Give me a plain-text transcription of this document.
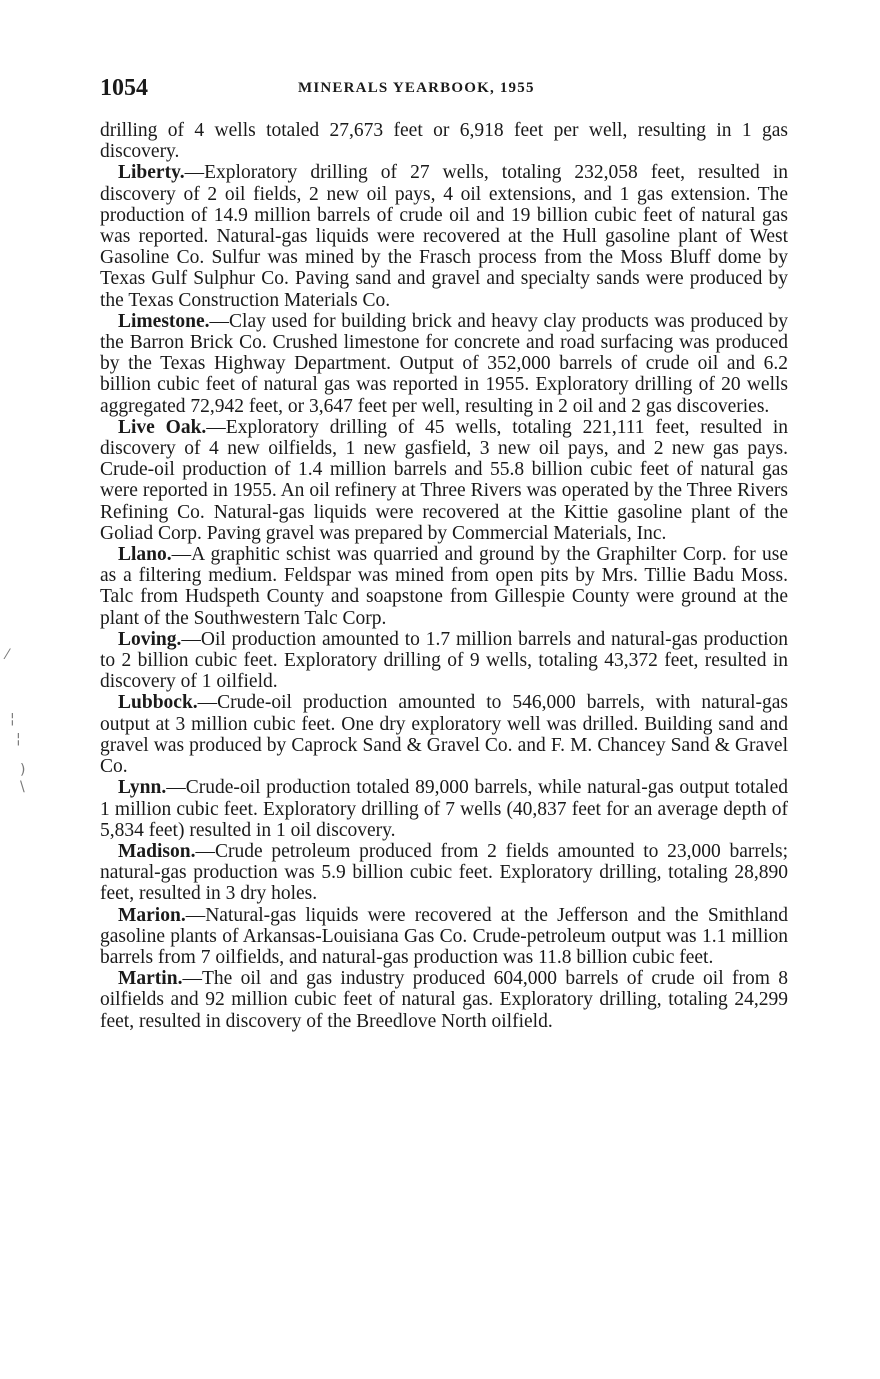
1054	MINERALS YEARBOOK, 1955

drilling of 4 wells totaled 27,673 feet or 6,918 feet per well, resulting in 1 gas discovery.

Liberty.—Exploratory drilling of 27 wells, totaling 232,058 feet, resulted in discovery of 2 oil fields, 2 new oil pays, 4 oil extensions, and 1 gas extension. The production of 14.9 million barrels of crude oil and 19 billion cubic feet of natural gas was reported. Natural-gas liquids were recovered at the Hull gasoline plant of West Gasoline Co. Sulfur was mined by the Frasch process from the Moss Bluff dome by Texas Gulf Sulphur Co. Paving sand and gravel and specialty sands were produced by the Texas Construction Materials Co.

Limestone.—Clay used for building brick and heavy clay products was produced by the Barron Brick Co. Crushed limestone for concrete and road surfacing was produced by the Texas Highway Department. Output of 352,000 barrels of crude oil and 6.2 billion cubic feet of natural gas was reported in 1955. Exploratory drilling of 20 wells aggregated 72,942 feet, or 3,647 feet per well, resulting in 2 oil and 2 gas discoveries.

Live Oak.—Exploratory drilling of 45 wells, totaling 221,111 feet, resulted in discovery of 4 new oilfields, 1 new gasfield, 3 new oil pays, and 2 new gas pays. Crude-oil production of 1.4 million barrels and 55.8 billion cubic feet of natural gas were reported in 1955. An oil refinery at Three Rivers was operated by the Three Rivers Refining Co. Natural-gas liquids were recovered at the Kittie gasoline plant of the Goliad Corp. Paving gravel was prepared by Commercial Materials, Inc.

Llano.—A graphitic schist was quarried and ground by the Graphilter Corp. for use as a filtering medium. Feldspar was mined from open pits by Mrs. Tillie Badu Moss. Talc from Hudspeth County and soapstone from Gillespie County were ground at the plant of the Southwestern Talc Corp.

Loving.—Oil production amounted to 1.7 million barrels and natural-gas production to 2 billion cubic feet. Exploratory drilling of 9 wells, totaling 43,372 feet, resulted in discovery of 1 oilfield.

Lubbock.—Crude-oil production amounted to 546,000 barrels, with natural-gas output at 3 million cubic feet. One dry exploratory well was drilled. Building sand and gravel was produced by Caprock Sand & Gravel Co. and F. M. Chancey Sand & Gravel Co.

Lynn.—Crude-oil production totaled 89,000 barrels, while natural-gas output totaled 1 million cubic feet. Exploratory drilling of 7 wells (40,837 feet for an average depth of 5,834 feet) resulted in 1 oil discovery.

Madison.—Crude petroleum produced from 2 fields amounted to 23,000 barrels; natural-gas production was 5.9 billion cubic feet. Exploratory drilling, totaling 28,890 feet, resulted in 3 dry holes.

Marion.—Natural-gas liquids were recovered at the Jefferson and the Smithland gasoline plants of Arkansas-Louisiana Gas Co. Crude-petroleum output was 1.1 million barrels from 7 oilfields, and natural-gas production was 11.8 billion cubic feet.

Martin.—The oil and gas industry produced 604,000 barrels of crude oil from 8 oilfields and 92 million cubic feet of natural gas. Exploratory drilling, totaling 24,299 feet, resulted in discovery of the Breedlove North oilfield.

⁄
¦
¦
)
\
